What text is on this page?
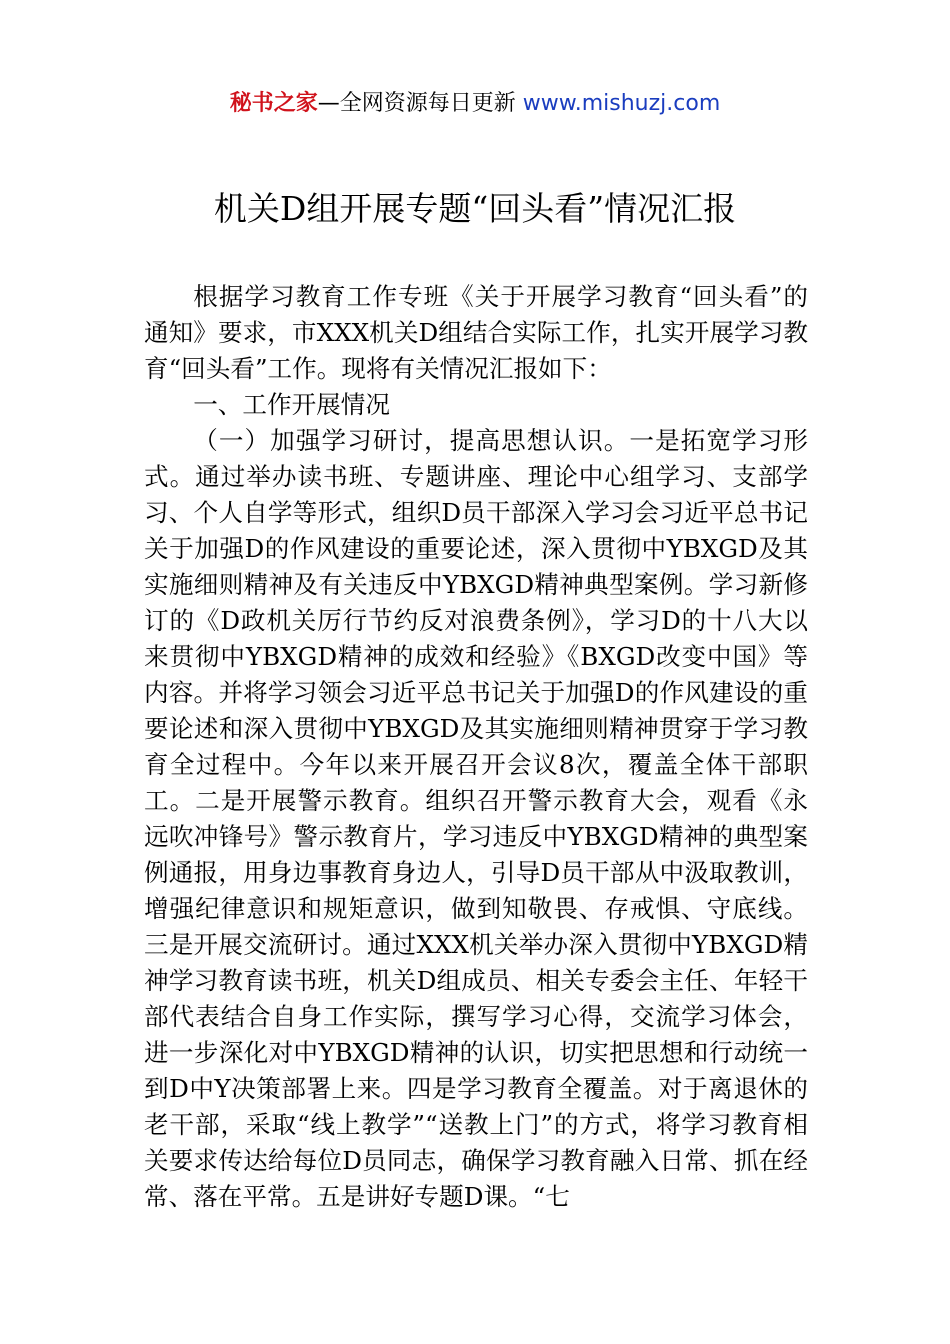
秘书之家—全网资源每日更新 www.mishuzj.com
机关D组开展专题“回头看”情况汇报

根据学习教育工作专班《关于开展学习教育“回头看”的通知》要求，市XXX机关D组结合实际工作，扎实开展学习教育“回头看”工作。现将有关情况汇报如下：

一、工作开展情况

（一）加强学习研讨，提高思想认识。一是拓宽学习形式。通过举办读书班、专题讲座、理论中心组学习、支部学习、个人自学等形式，组织D员干部深入学习会习近平总书记关于加强D的作风建设的重要论述，深入贯彻中YBXGD及其实施细则精神及有关违反中YBXGD精神典型案例。学习新修订的《D政机关厉行节约反对浪费条例》，学习D的十八大以来贯彻中YBXGD精神的成效和经验》《BXGD改变中国》等内容。并将学习领会习近平总书记关于加强D的作风建设的重要论述和深入贯彻中YBXGD及其实施细则精神贯穿于学习教育全过程中。今年以来开展召开会议8次，覆盖全体干部职工。二是开展警示教育。组织召开警示教育大会，观看《永远吹冲锋号》警示教育片，学习违反中YBXGD精神的典型案例通报，用身边事教育身边人，引导D员干部从中汲取教训，增强纪律意识和规矩意识，做到知敬畏、存戒惧、守底线。三是开展交流研讨。通过XXX机关举办深入贯彻中YBXGD精神学习教育读书班，机关D组成员、相关专委会主任、年轻干部代表结合自身工作实际，撰写学习心得，交流学习体会，进一步深化对中YBXGD精神的认识，切实把思想和行动统一到D中Y决策部署上来。四是学习教育全覆盖。对于离退休的老干部，采取“线上教学”“送教上门”的方式，将学习教育相关要求传达给每位D员同志，确保学习教育融入日常、抓在经常、落在平常。五是讲好专题D课。“七
